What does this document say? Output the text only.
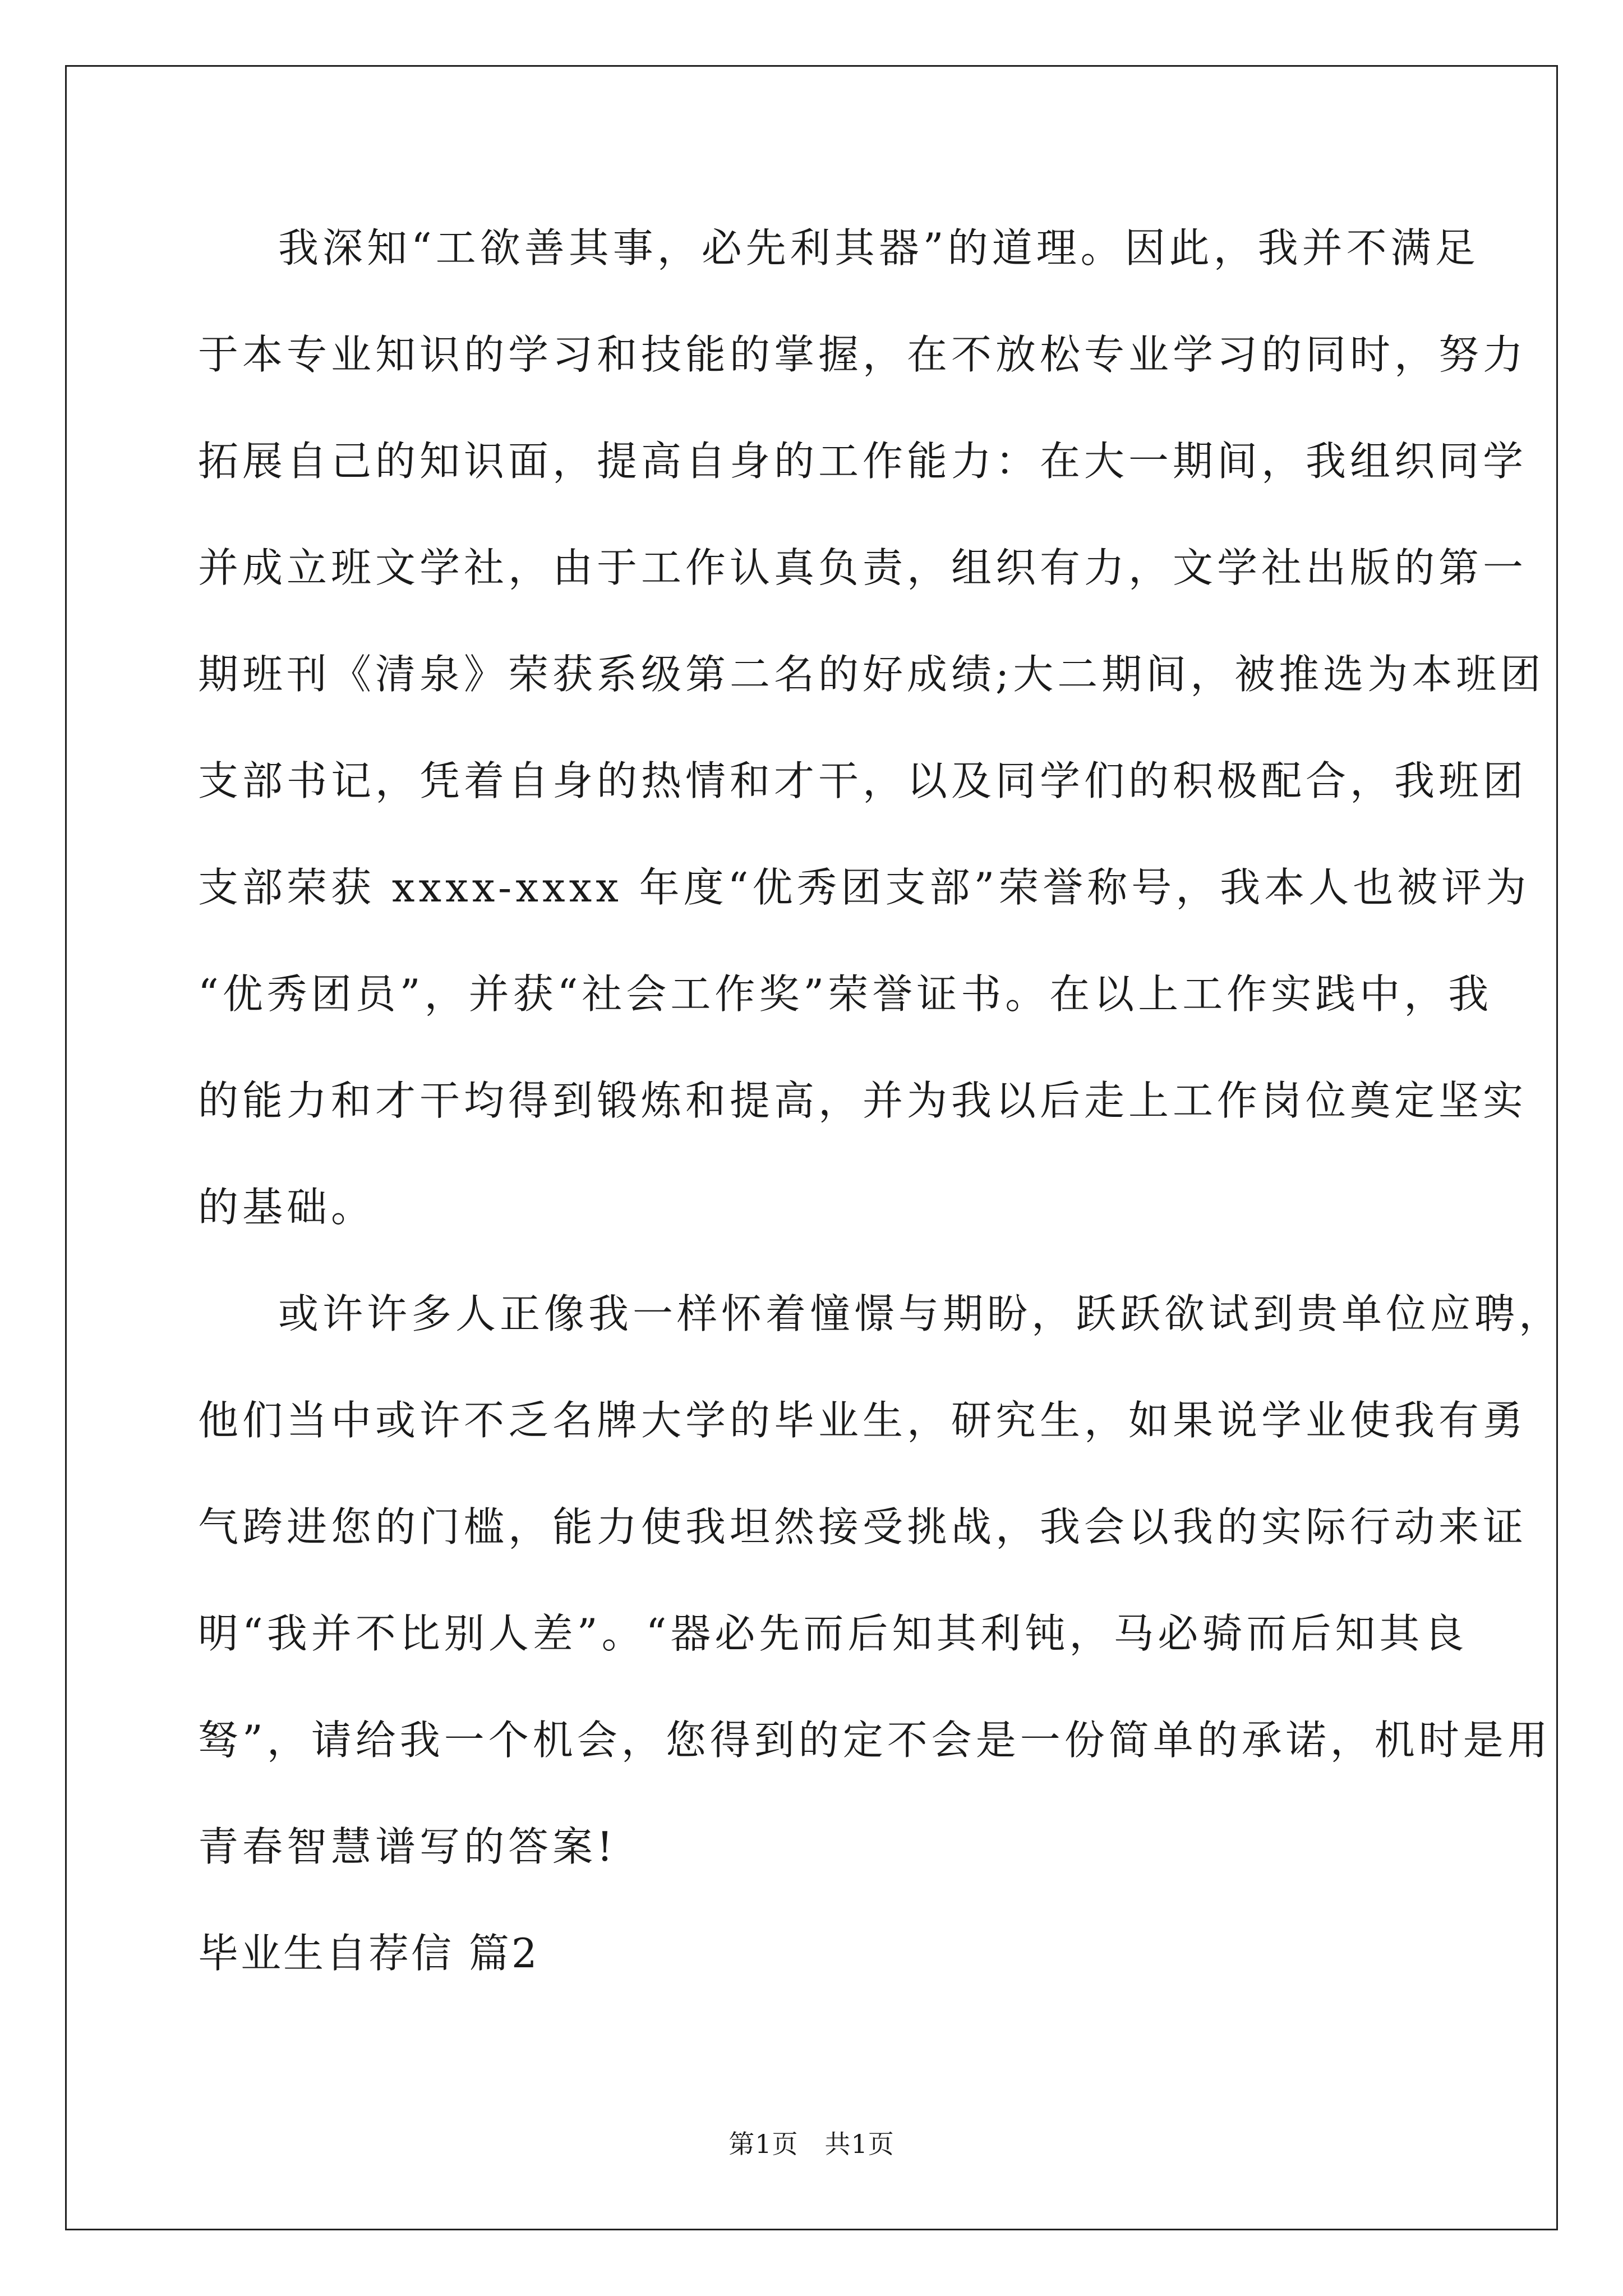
我深知“工欲善其事，必先利其器”的道理。因此，我并不满足

于本专业知识的学习和技能的掌握，在不放松专业学习的同时，努力

拓展自己的知识面，提高自身的工作能力：在大一期间，我组织同学

并成立班文学社，由于工作认真负责，组织有力，文学社出版的第一

期班刊《清泉》荣获系级第二名的好成绩;大二期间，被推选为本班团

支部书记，凭着自身的热情和才干，以及同学们的积极配合，我班团

支部荣获 xxxx-xxxx 年度“优秀团支部”荣誉称号，我本人也被评为

“优秀团员”，并获“社会工作奖”荣誉证书。在以上工作实践中，我

的能力和才干均得到锻炼和提高，并为我以后走上工作岗位奠定坚实

的基础。

或许许多人正像我一样怀着憧憬与期盼，跃跃欲试到贵单位应聘，

他们当中或许不乏名牌大学的毕业生，研究生，如果说学业使我有勇

气跨进您的门槛，能力使我坦然接受挑战，我会以我的实际行动来证

明“我并不比别人差”。“器必先而后知其利钝，马必骑而后知其良

驽”，请给我一个机会，您得到的定不会是一份简单的承诺，机时是用

青春智慧谱写的答案!

毕业生自荐信 篇2

第1页　共1页
